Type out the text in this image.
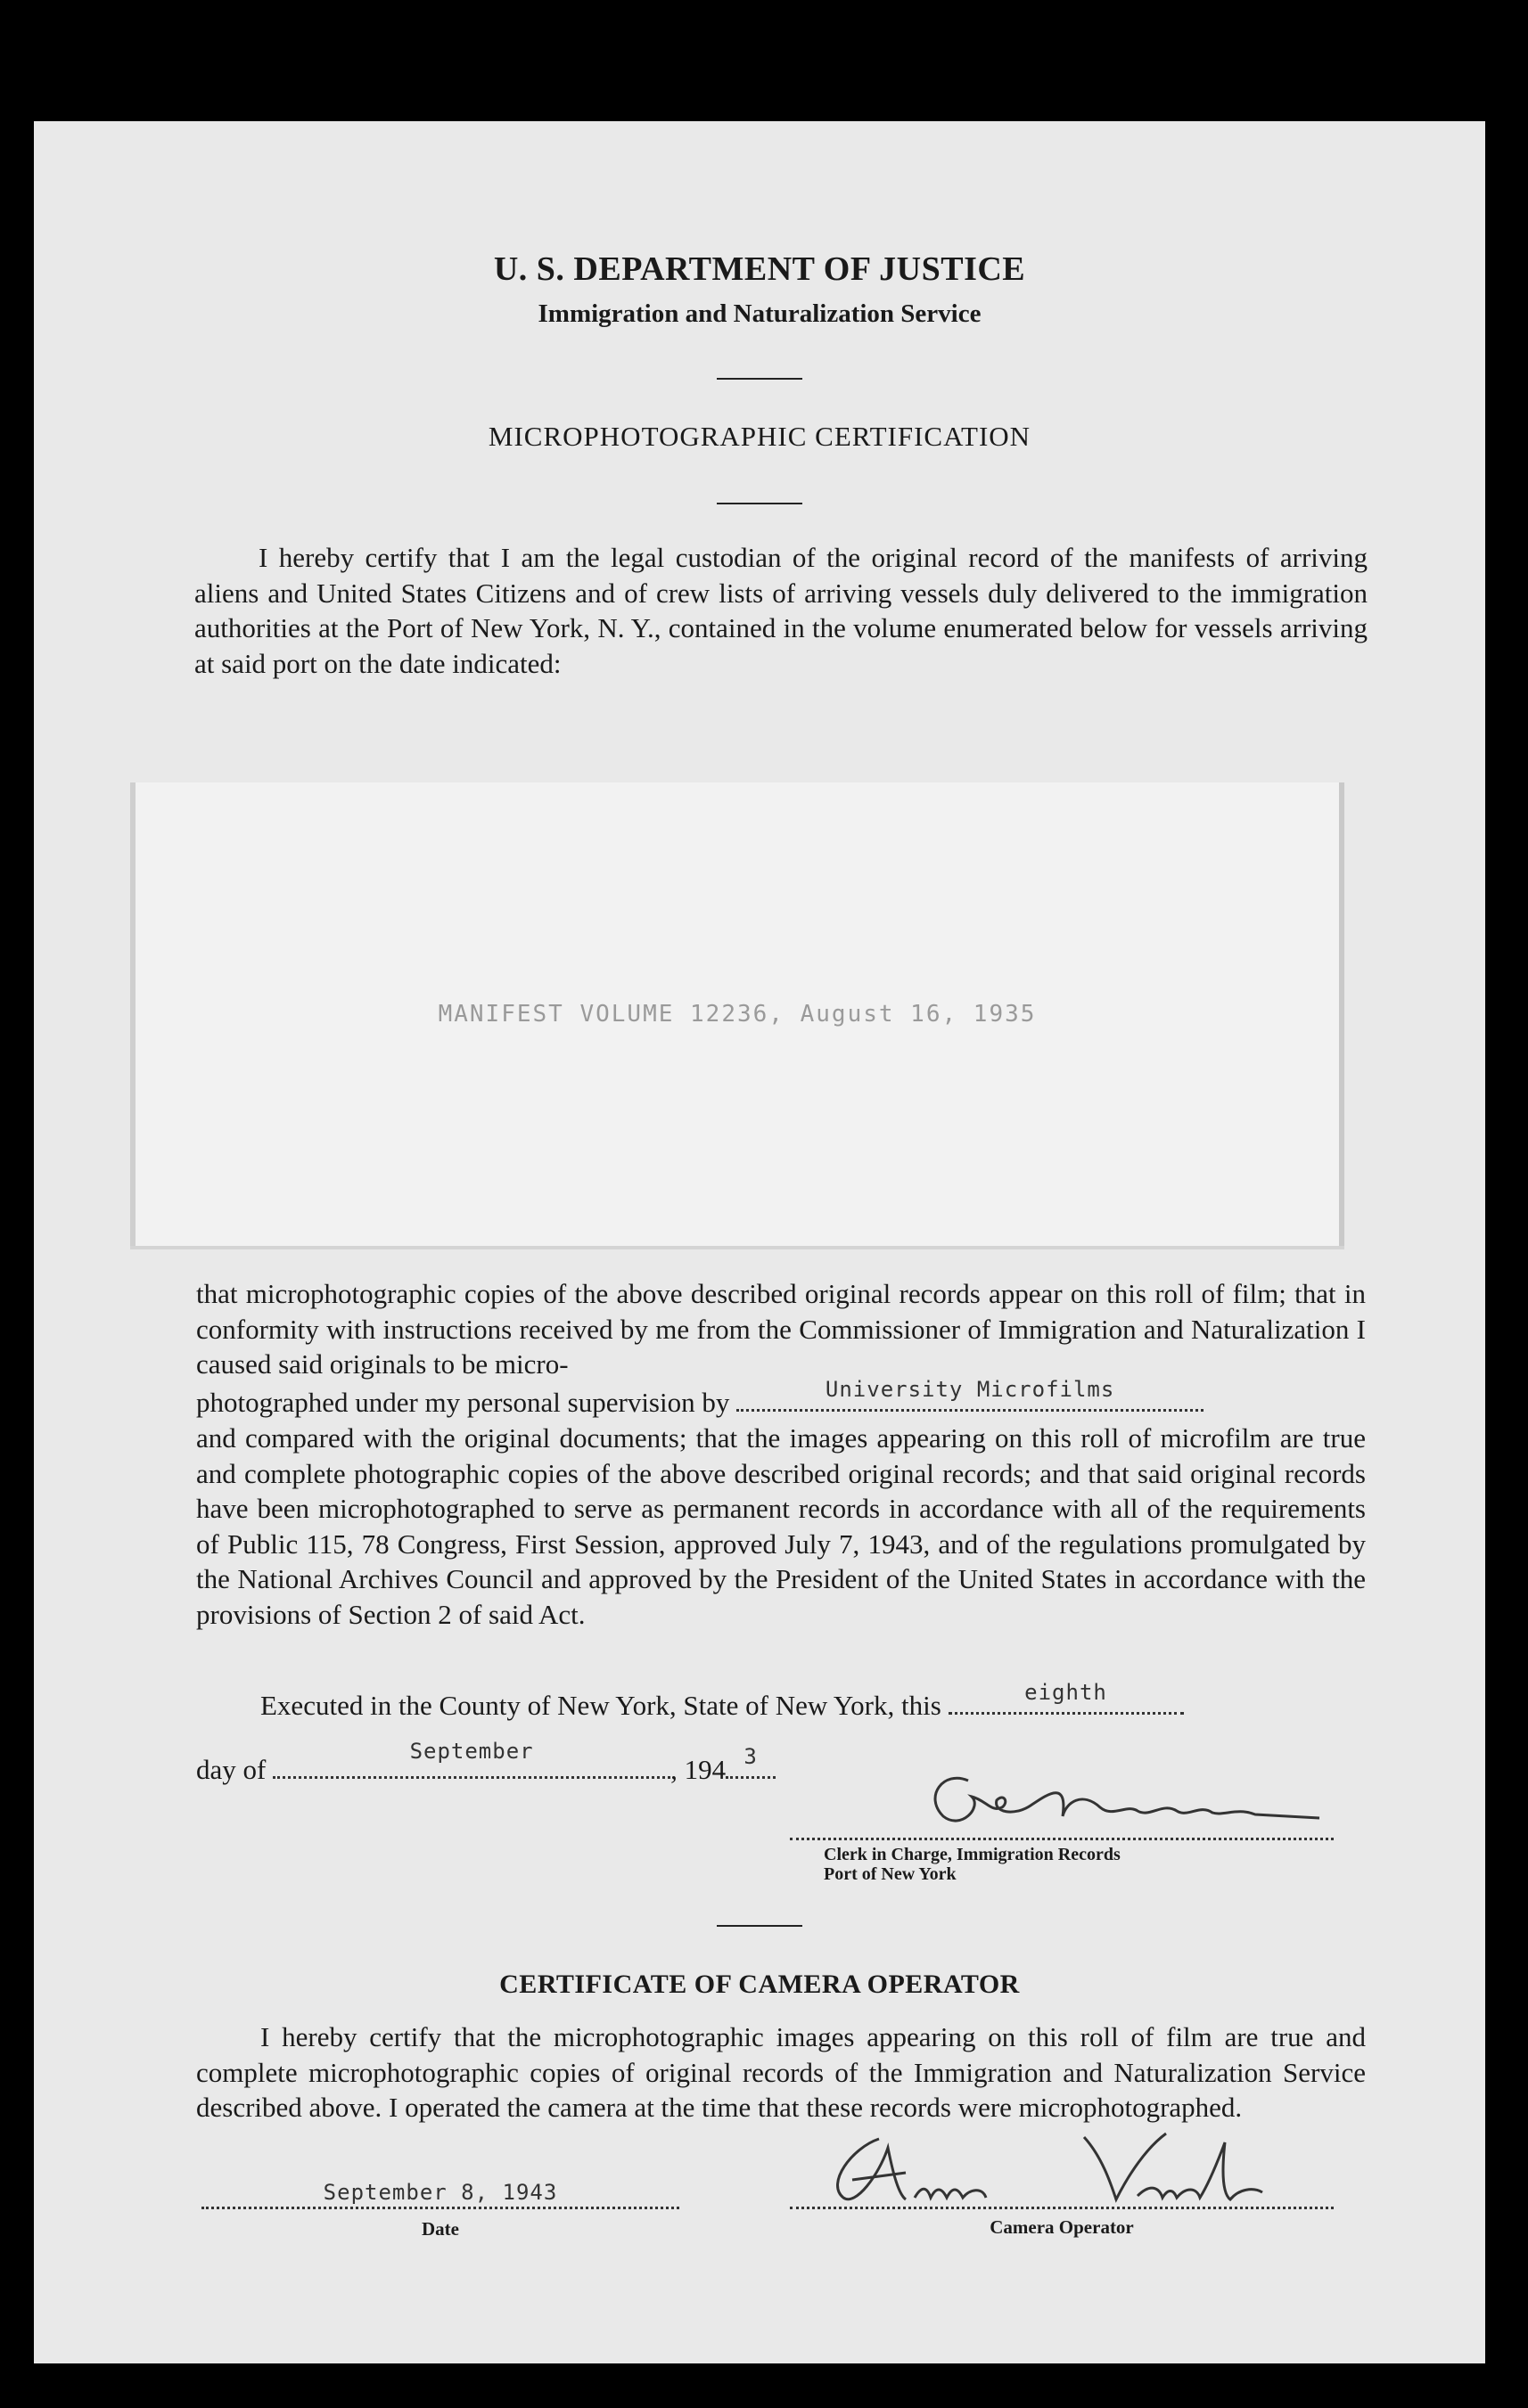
U. S. DEPARTMENT OF JUSTICE
Immigration and Naturalization Service
MICROPHOTOGRAPHIC CERTIFICATION

I hereby certify that I am the legal custodian of the original record of the manifests of arriving aliens and United States Citizens and of crew lists of arriving vessels duly delivered to the immigration authorities at the Port of New York, N. Y., contained in the volume enumerated below for vessels arriving at said port on the date indicated:

MANIFEST VOLUME 12236, August 16, 1935

that microphotographic copies of the above described original records appear on this roll of film; that in conformity with instructions received by me from the Commissioner of Immigration and Naturalization I caused said originals to be micro-

photographed under my personal supervision by	University Microfilms

and compared with the original documents; that the images appearing on this roll of microfilm are true and complete photographic copies of the above described original records; and that said original records have been microphotographed to serve as permanent records in accordance with all of the requirements of Public 115, 78 Congress, First Session, approved July 7, 1943, and of the regulations promulgated by the National Archives Council and approved by the President of the United States in accordance with the provisions of Section 2 of said Act.

Executed in the County of New York, State of New York, this	eighth
day of
September
, 194 3
Clerk in Charge, Immigration Records
Port of New York
CERTIFICATE OF CAMERA OPERATOR

I hereby certify that the microphotographic images appearing on this roll of film are true and complete microphotographic copies of original records of the Immigration and Naturalization Service described above. I operated the camera at the time that these records were microphotographed.

September 8, 1943
Date	Camera Operator
